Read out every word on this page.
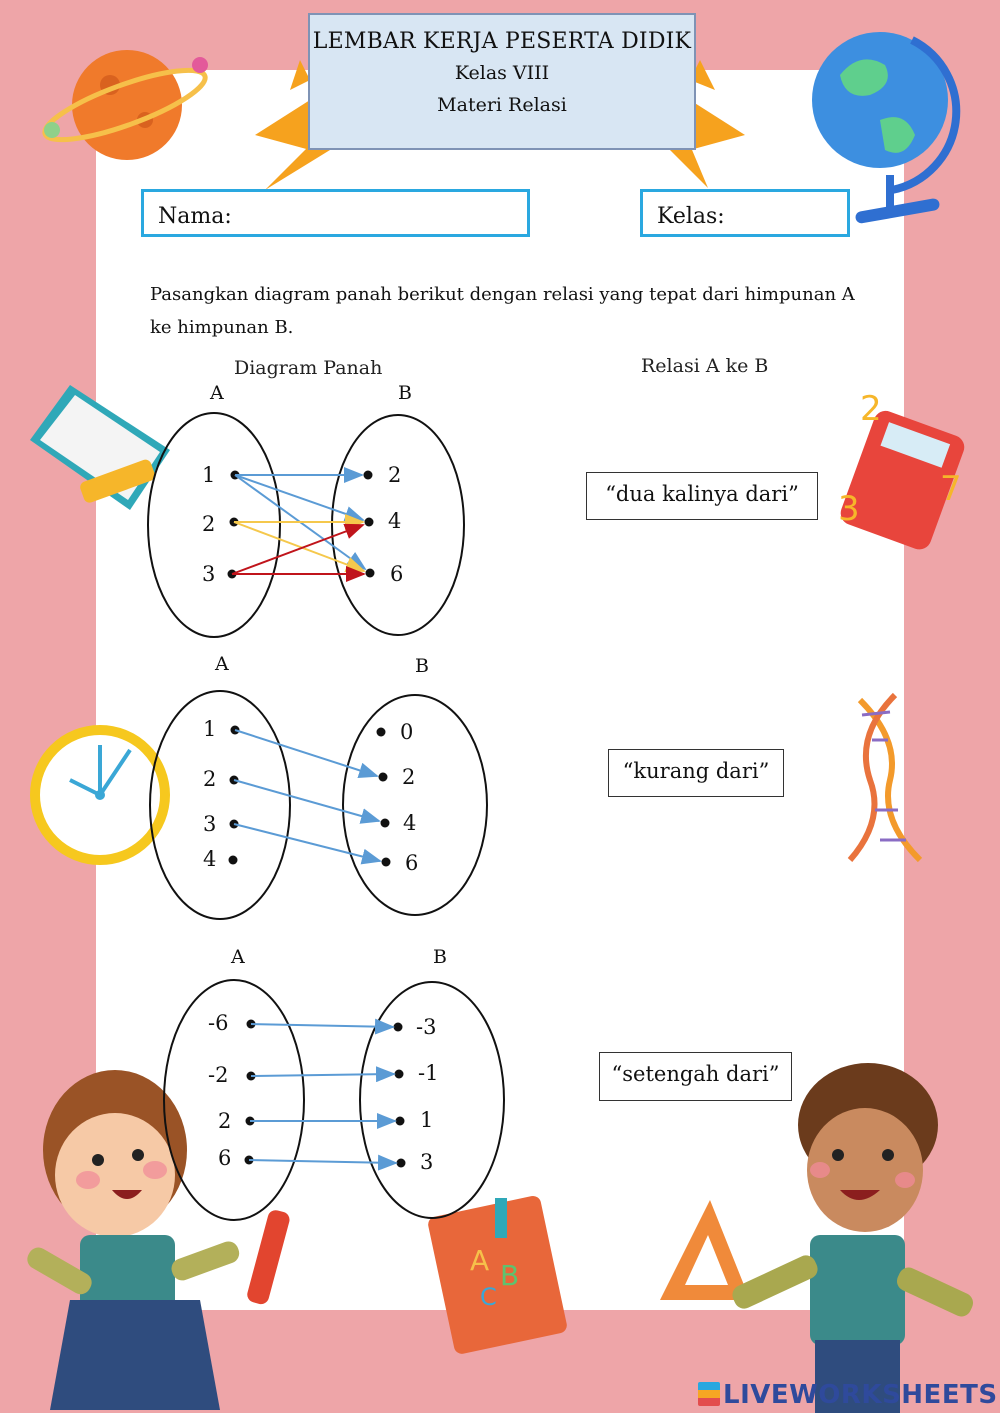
2
3 7
A B
C
LEMBAR KERJA PESERTA DIDIK
Kelas VIII
Materi Relasi
Nama:	Kelas:
Pasangkan diagram panah berikut dengan relasi yang tepat dari himpunan A ke himpunan B.
Diagram Panah	Relasi A ke B
A	B
A	B
A	B
“dua kalinya dari”
“kurang dari”
“setengah dari”
1
2
3
2
4
6
1
2
3
4
0
2
4
6
-6
-2
2
6
-3
-1
1
3
LIVEWORKSHEETS
